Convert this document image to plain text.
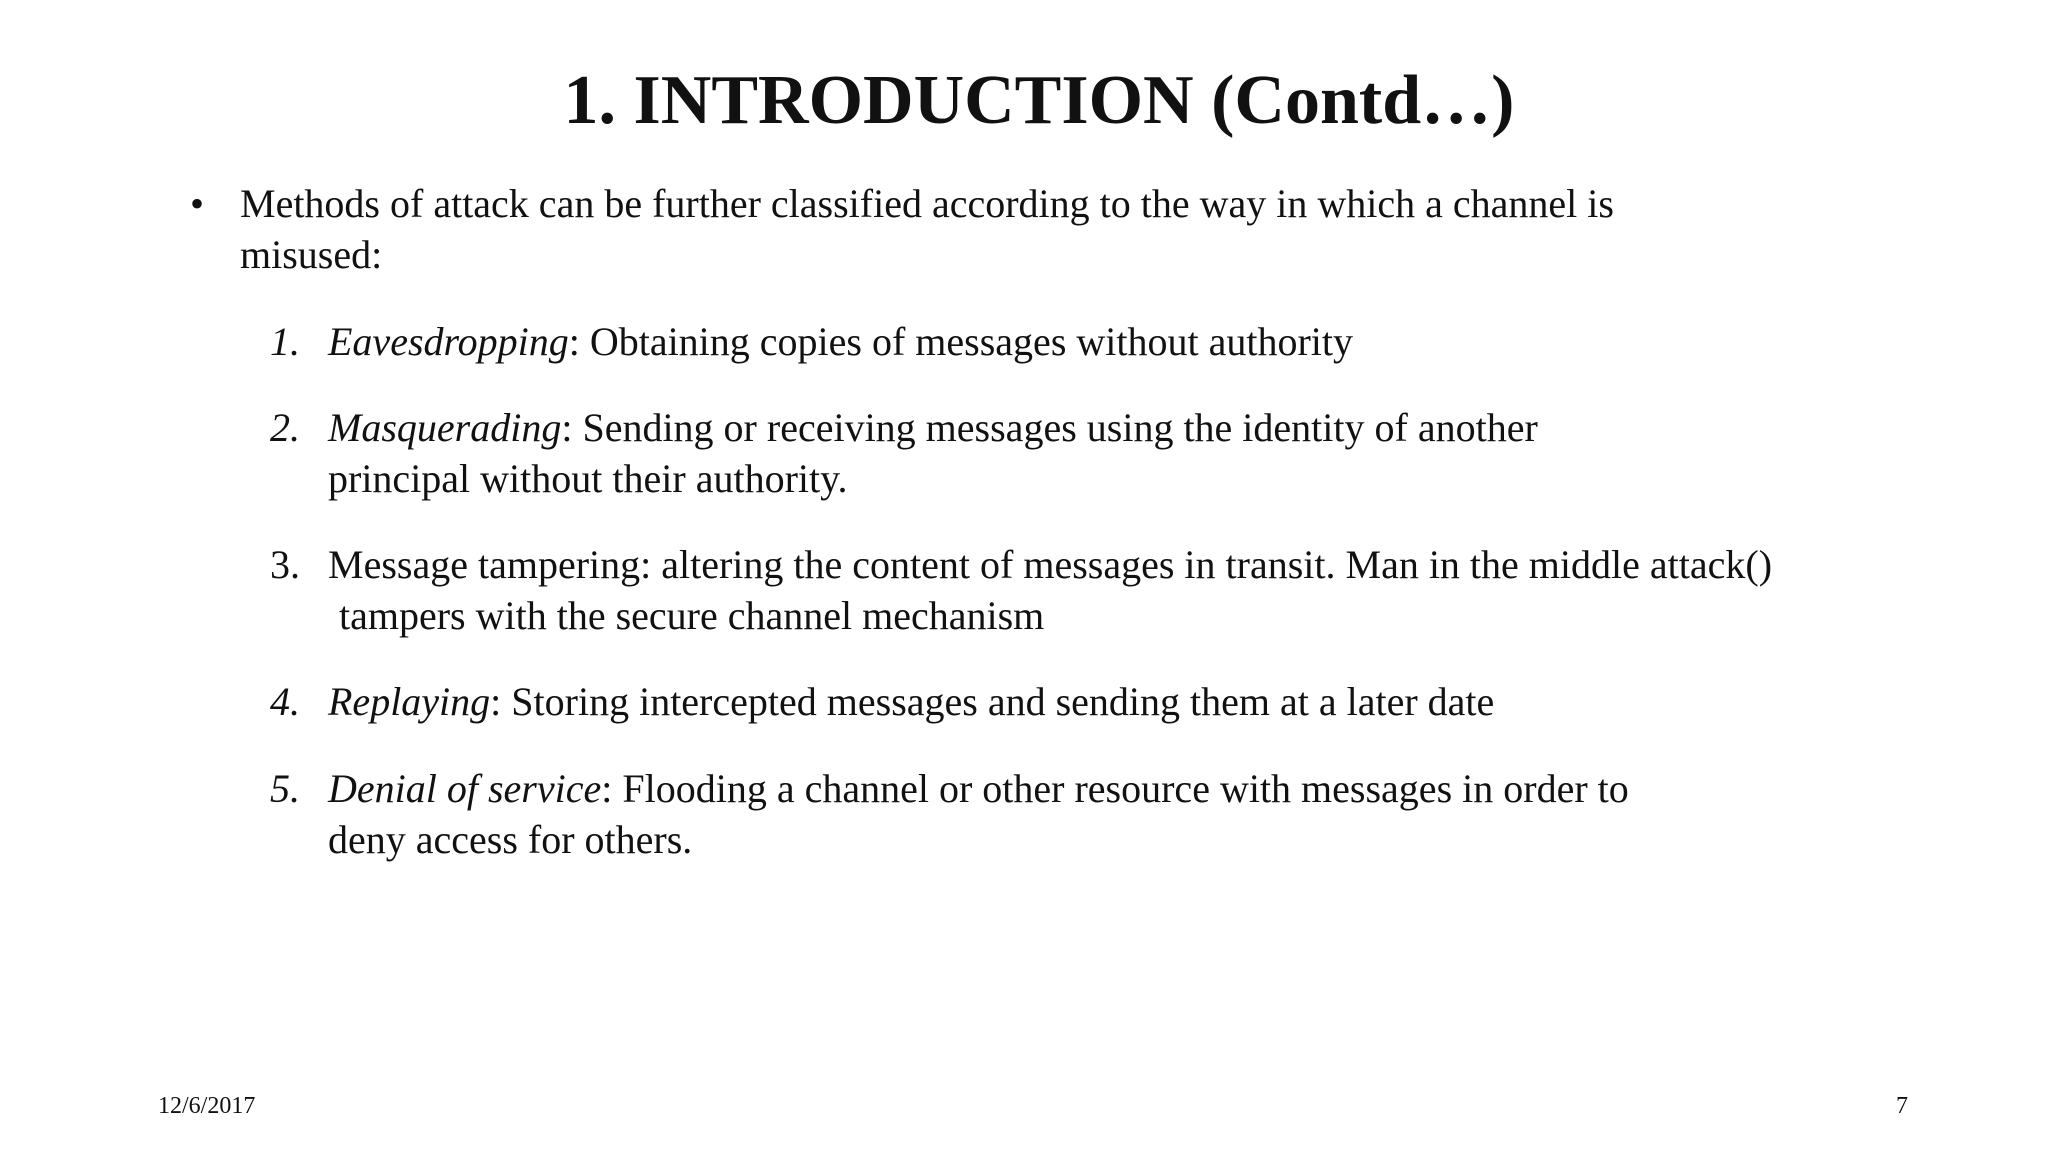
1. INTRODUCTION (Contd…)
• Methods of attack can be further classified according to the way in which a channel is
misused:
1. Eavesdropping: Obtaining copies of messages without authority
2. Masquerading: Sending or receiving messages using the identity of another
principal without their authority.
3. Message tampering: altering the content of messages in transit. Man in the middle attack()
tampers with the secure channel mechanism
4. Replaying: Storing intercepted messages and sending them at a later date
5. Denial of service: Flooding a channel or other resource with messages in order to
deny access for others.
12/6/2017	7
